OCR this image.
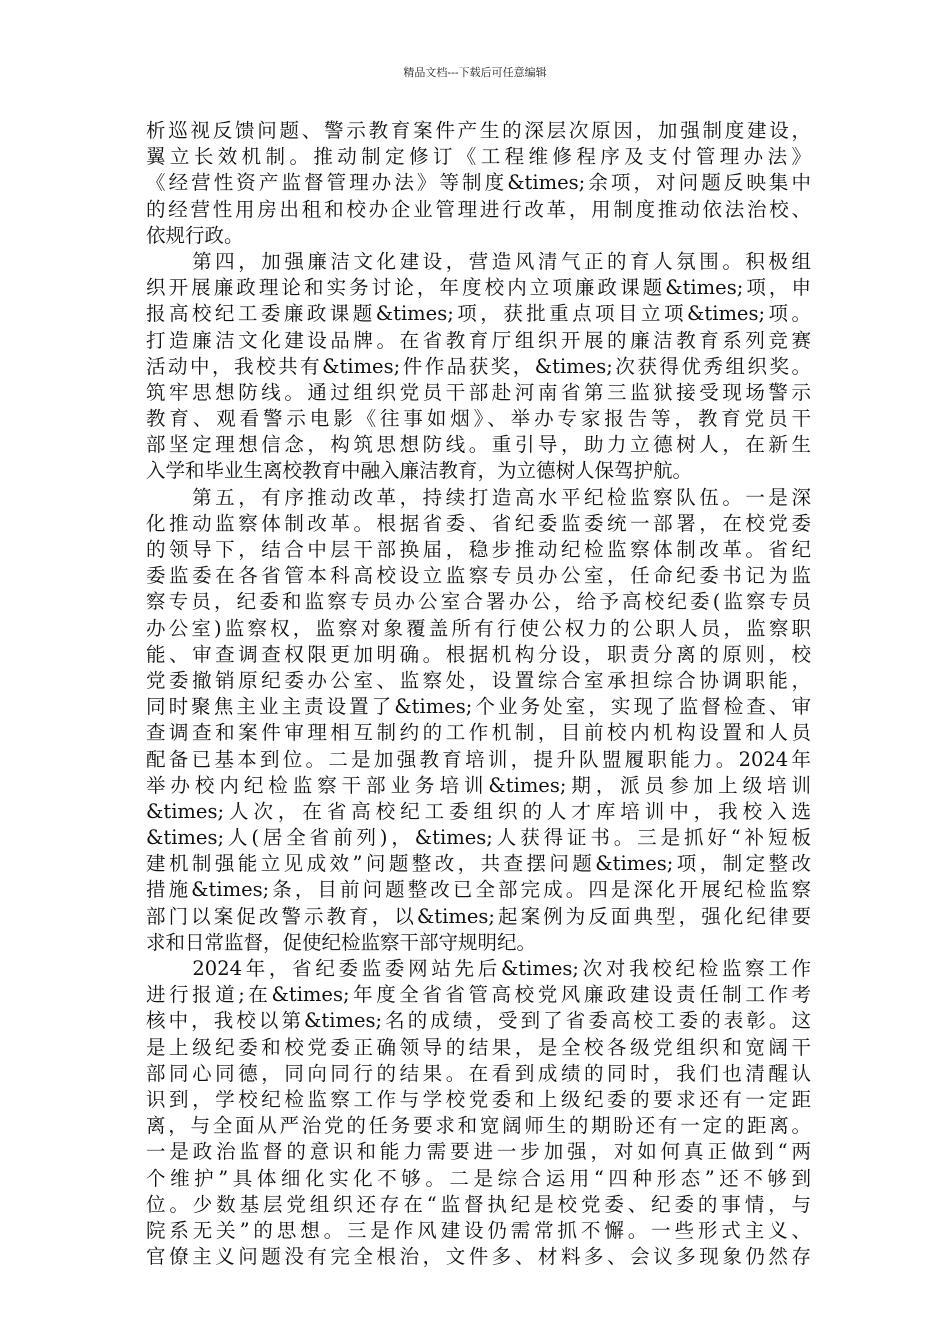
精品文档---下载后可任意编辑
析巡视反馈问题、警示教育案件产生的深层次原因，加强制度建设，
翼立长效机制。推动制定修订《工程维修程序及支付管理办法》
《经营性资产监督管理办法》等制度&times;余项，对问题反映集中
的经营性用房出租和校办企业管理进行改革，用制度推动依法治校、
依规行政。
　　第四，加强廉洁文化建设，营造风清气正的育人氛围。积极组
织开展廉政理论和实务讨论，年度校内立项廉政课题&times;项，申
报高校纪工委廉政课题&times;项，获批重点项目立项&times;项。
打造廉洁文化建设品牌。在省教育厅组织开展的廉洁教育系列竞赛
活动中，我校共有&times;件作品获奖，&times;次获得优秀组织奖。
筑牢思想防线。通过组织党员干部赴河南省第三监狱接受现场警示
教育、观看警示电影《往事如烟》、举办专家报告等，教育党员干
部坚定理想信念，构筑思想防线。重引导，助力立德树人，在新生
入学和毕业生离校教育中融入廉洁教育，为立德树人保驾护航。
　　第五，有序推动改革，持续打造高水平纪检监察队伍。一是深
化推动监察体制改革。根据省委、省纪委监委统一部署，在校党委
的领导下，结合中层干部换届，稳步推动纪检监察体制改革。省纪
委监委在各省管本科高校设立监察专员办公室，任命纪委书记为监
察专员，纪委和监察专员办公室合署办公，给予高校纪委(监察专员
办公室)监察权，监察对象覆盖所有行使公权力的公职人员，监察职
能、审查调查权限更加明确。根据机构分设，职责分离的原则，校
党委撤销原纪委办公室、监察处，设置综合室承担综合协调职能，
同时聚焦主业主责设置了&times;个业务处室，实现了监督检查、审
查调查和案件审理相互制约的工作机制，目前校内机构设置和人员
配备已基本到位。二是加强教育培训，提升队盟履职能力。2024年
举办校内纪检监察干部业务培训&times;期，派员参加上级培训
&times;人次，在省高校纪工委组织的人才库培训中，我校入选
&times;人(居全省前列)，&times;人获得证书。三是抓好“补短板
建机制强能立见成效”问题整改，共查摆问题&times;项，制定整改
措施&times;条，目前问题整改已全部完成。四是深化开展纪检监察
部门以案促改警示教育，以&times;起案例为反面典型，强化纪律要
求和日常监督，促使纪检监察干部守规明纪。
　　2024年，省纪委监委网站先后&times;次对我校纪检监察工作
进行报道;在&times;年度全省省管高校党风廉政建设责任制工作考
核中，我校以第&times;名的成绩，受到了省委高校工委的表彰。这
是上级纪委和校党委正确领导的结果，是全校各级党组织和宽阔干
部同心同德，同向同行的结果。在看到成绩的同时，我们也清醒认
识到，学校纪检监察工作与学校党委和上级纪委的要求还有一定距
离，与全面从严治党的任务要求和宽阔师生的期盼还有一定的距离。
一是政治监督的意识和能力需要进一步加强，对如何真正做到“两
个维护”具体细化实化不够。二是综合运用“四种形态”还不够到
位。少数基层党组织还存在“监督执纪是校党委、纪委的事情，与
院系无关”的思想。三是作风建设仍需常抓不懈。一些形式主义、
官僚主义问题没有完全根治，文件多、材料多、会议多现象仍然存
